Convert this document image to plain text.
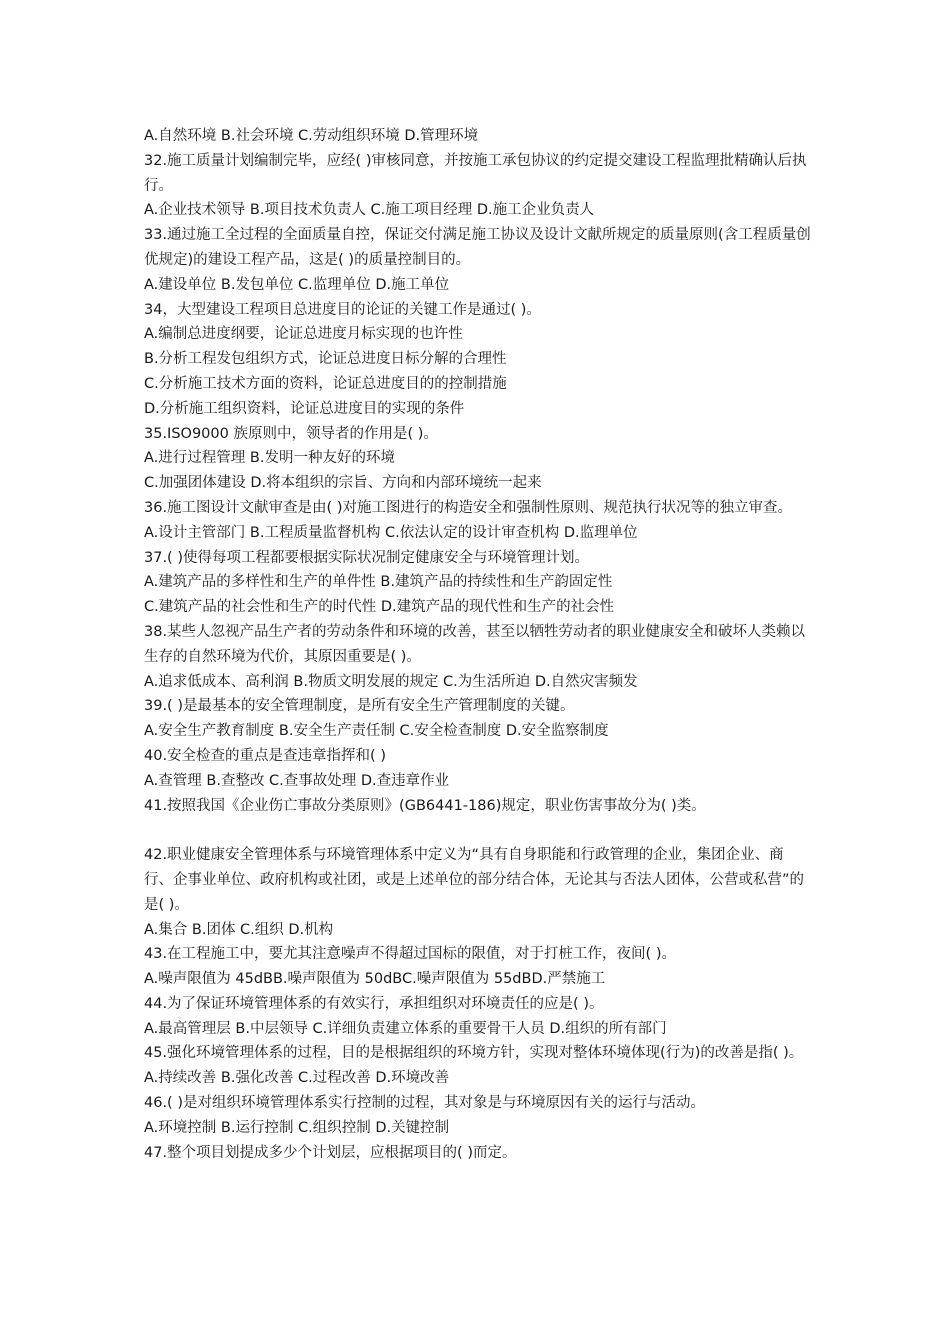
A.自然环境 B.社会环境 C.劳动组织环境 D.管理环境

32.施工质量计划编制完毕，应经( )审核同意，并按施工承包协议的约定提交建设工程监理批精确认后执行。

A.企业技术领导 B.项目技术负责人 C.施工项目经理 D.施工企业负责人

33.通过施工全过程的全面质量自控，保证交付满足施工协议及设计文献所规定的质量原则(含工程质量创优规定)的建设工程产品，这是( )的质量控制目的。

A.建设单位 B.发包单位 C.监理单位 D.施工单位

34，大型建设工程项目总进度目的论证的关键工作是通过( )。

A.编制总进度纲要，论证总进度月标实现的也许性

B.分析工程发包组织方式，论证总进度日标分解的合理性

C.分析施工技术方面的资料，论证总进度目的的控制措施

D.分析施工组织资料，论证总进度目的实现的条件

35.ISO9000 族原则中，领导者的作用是( )。

A.进行过程管理 B.发明一种友好的环境

C.加强团体建设 D.将本组织的宗旨、方向和内部环境统一起来

36.施工图设计文献审查是由( )对施工图进行的构造安全和强制性原则、规范执行状况等的独立审查。

A.设计主管部门 B.工程质量监督机构 C.依法认定的设计审查机构 D.监理单位

37.( )使得每项工程都要根据实际状况制定健康安全与环境管理计划。

A.建筑产品的多样性和生产的单件性 B.建筑产品的持续性和生产韵固定性

C.建筑产品的社会性和生产的时代性 D.建筑产品的现代性和生产的社会性

38.某些人忽视产品生产者的劳动条件和环境的改善，甚至以牺牲劳动者的职业健康安全和破坏人类赖以生存的自然环境为代价，其原因重要是( )。

A.追求低成本、高利润 B.物质文明发展的规定 C.为生活所迫 D.自然灾害频发

39.( )是最基本的安全管理制度，是所有安全生产管理制度的关键。

A.安全生产教育制度 B.安全生产责任制 C.安全检查制度 D.安全监察制度

40.安全检查的重点是查违章指挥和( )

A.查管理 B.查整改 C.查事故处理 D.查违章作业

41.按照我国《企业伤亡事故分类原则》(GB6441-186)规定，职业伤害事故分为( )类。

42.职业健康安全管理体系与环境管理体系中定义为“具有自身职能和行政管理的企业，集团企业、商行、企事业单位、政府机构或社团，或是上述单位的部分结合体，无论其与否法人团体，公营或私营”的是( )。

A.集合 B.团体 C.组织 D.机构

43.在工程施工中，要尤其注意噪声不得超过国标的限值，对于打桩工作，夜间( )。

A.噪声限值为 45dBB.噪声限值为 50dBC.噪声限值为 55dBD.严禁施工

44.为了保证环境管理体系的有效实行，承担组织对环境责任的应是( )。

A.最高管理层 B.中层领导 C.详细负责建立体系的重要骨干人员 D.组织的所有部门

45.强化环境管理体系的过程，目的是根据组织的环境方针，实现对整体环境体现(行为)的改善是指( )。

A.持续改善 B.强化改善 C.过程改善 D.环境改善

46.( )是对组织环境管理体系实行控制的过程，其对象是与环境原因有关的运行与活动。

A.环境控制 B.运行控制 C.组织控制 D.关键控制

47.整个项目划提成多少个计划层，应根据项目的( )而定。
